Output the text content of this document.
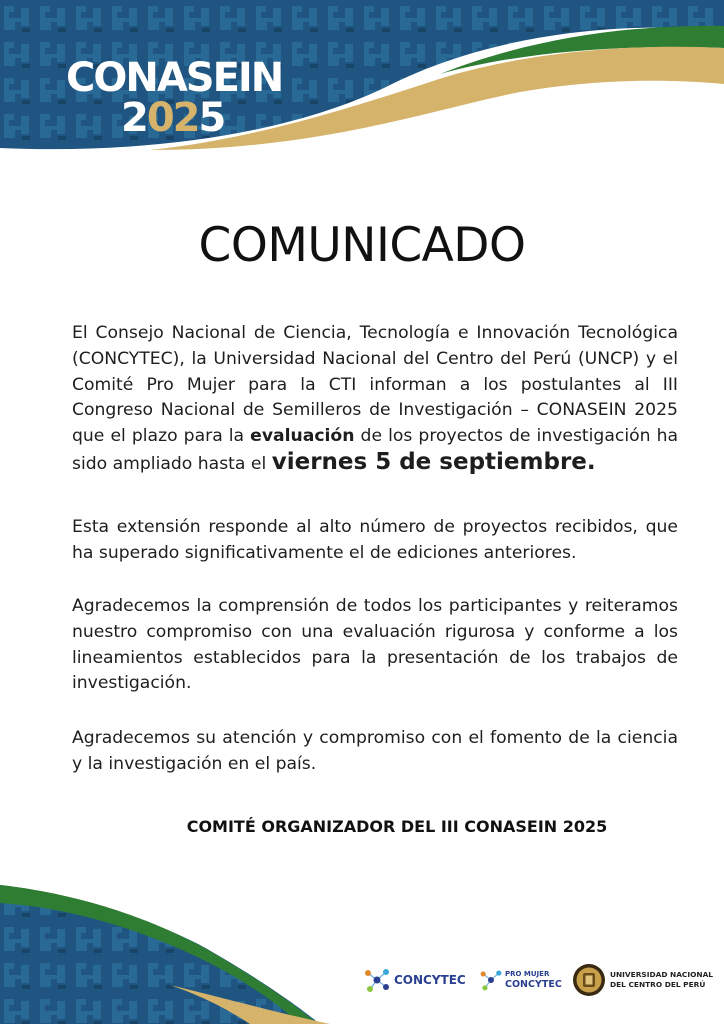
CONASEIN
2025
COMUNICADO
El Consejo Nacional de Ciencia, Tecnología e Innovación Tecnológica (CONCYTEC), la Universidad Nacional del Centro del Perú (UNCP) y el Comité Pro Mujer para la CTI informan a los postulantes al III Congreso Nacional de Semilleros de Investigación – CONASEIN 2025 que el plazo para la evaluación de los proyectos de investigación ha sido ampliado hasta el viernes 5 de septiembre.
Esta extensión responde al alto número de proyectos recibidos, que ha superado significativamente el de ediciones anteriores.
Agradecemos la comprensión de todos los participantes y reiteramos nuestro compromiso con una evaluación rigurosa y conforme a los lineamientos establecidos para la presentación de los trabajos de investigación.
Agradecemos su atención y compromiso con el fomento de la ciencia y la investigación en el país.
COMITÉ ORGANIZADOR DEL III CONASEIN 2025
CONCYTEC	PRO MUJER
CONCYTEC
UNIVERSIDAD NACIONAL
DEL CENTRO DEL PERÚ
